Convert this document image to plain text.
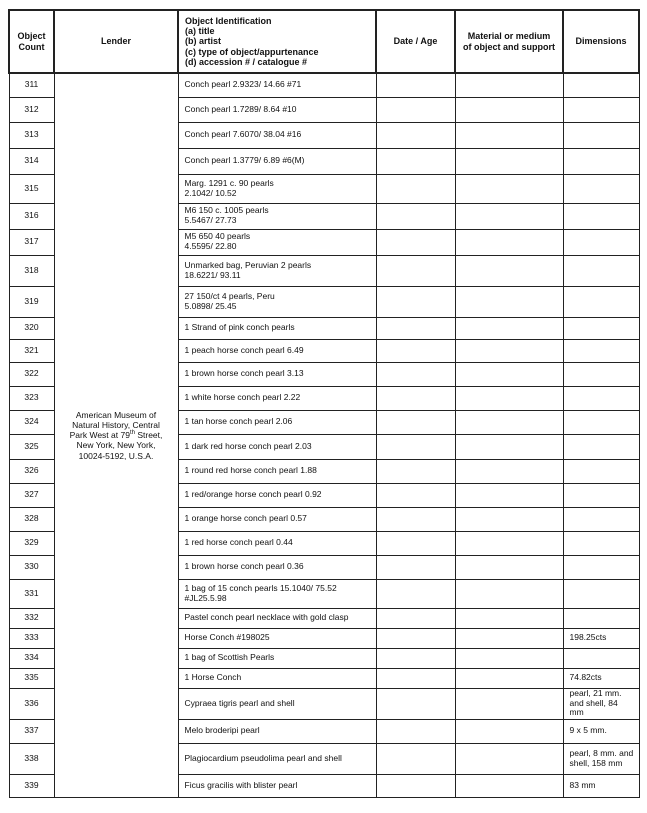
Object
Count	Lender	Object Identification
(a) title
(b) artist
(c) type of object/appurtenance
(d) accession # / catalogue #	Date / Age	Material or medium
of object and support	Dimensions
311	American Museum of
Natural History, Central
Park West at 79th Street,
New York, New York,
10024-5192, U.S.A.	Conch pearl 2.9323/ 14.66 #71			

312		Conch pearl 1.7289/ 8.64 #10			

313		Conch pearl 7.6070/ 38.04 #16			

314		Conch pearl 1.3779/ 6.89 #6(M)			

315		Marg. 1291 c. 90 pearls
2.1042/ 10.52			

316		M6 150 c. 1005 pearls
5.5467/ 27.73			

317		M5 650 40 pearls
4.5595/ 22.80			

318		Unmarked bag, Peruvian 2 pearls
18.6221/ 93.11			

319		27 150/ct 4 pearls, Peru
5.0898/ 25.45			

320		1 Strand of pink conch pearls			

321		1 peach horse conch pearl 6.49			

322		1 brown horse conch pearl 3.13			

323		1 white horse conch pearl 2.22			

324		1 tan horse conch pearl 2.06			

325		1 dark red horse conch pearl 2.03			

326		1 round red horse conch pearl 1.88			

327		1 red/orange horse conch pearl 0.92			

328		1 orange horse conch pearl 0.57			

329		1 red horse conch pearl 0.44			

330		1 brown horse conch pearl 0.36			

331		1 bag of 15 conch pearls 15.1040/ 75.52
#JL25.5.98			

332		Pastel conch pearl necklace with gold clasp			

333		Horse Conch #198025			198.25cts

334		1 bag of Scottish Pearls			

335		1 Horse Conch			74.82cts

336		Cypraea tigris pearl and shell			pearl, 21 mm.
and shell, 84
mm

337		Melo broderipi pearl			9 x 5 mm.

338		Plagiocardium pseudolima pearl and shell			pearl, 8 mm. and
shell, 158 mm

339		Ficus gracilis with blister pearl			83 mm
